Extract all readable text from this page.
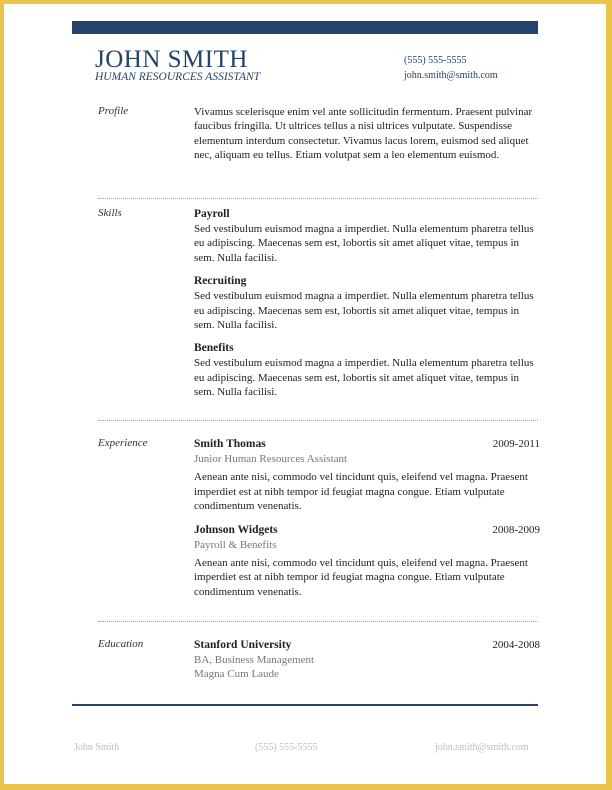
JOHN SMITH
HUMAN RESOURCES ASSISTANT
(555) 555-5555
john.smith@smith.com
Profile	Vivamus scelerisque enim vel ante sollicitudin fermentum. Praesent pulvinar faucibus fringilla. Ut ultrices tellus a nisi ultrices vulputate. Suspendisse elementum interdum consectetur. Vivamus lacus lorem, euismod sed aliquet nec, aliquam eu tellus. Etiam volutpat sem a leo elementum euismod.

Skills	Payroll

Sed vestibulum euismod magna a imperdiet. Nulla elementum pharetra tellus eu adipiscing. Maecenas sem est, lobortis sit amet aliquet vitae, tempus in sem. Nulla facilisi.

Recruiting

Sed vestibulum euismod magna a imperdiet. Nulla elementum pharetra tellus eu adipiscing. Maecenas sem est, lobortis sit amet aliquet vitae, tempus in sem. Nulla facilisi.

Benefits

Sed vestibulum euismod magna a imperdiet. Nulla elementum pharetra tellus eu adipiscing. Maecenas sem est, lobortis sit amet aliquet vitae, tempus in sem. Nulla facilisi.

Experience	Smith Thomas	2009-2011

Junior Human Resources Assistant

Aenean ante nisi, commodo vel tincidunt quis, eleifend vel magna. Praesent imperdiet est at nibh tempor id feugiat magna congue. Etiam vulputate condimentum venenatis.

Johnson Widgets	2008-2009

Payroll & Benefits

Aenean ante nisi, commodo vel tincidunt quis, eleifend vel magna. Praesent imperdiet est at nibh tempor id feugiat magna congue. Etiam vulputate condimentum venenatis.

Education	Stanford University	2004-2008

BA, Business Management

Magna Cum Laude

John Smith	(555) 555-5555	john.smith@smith.com
